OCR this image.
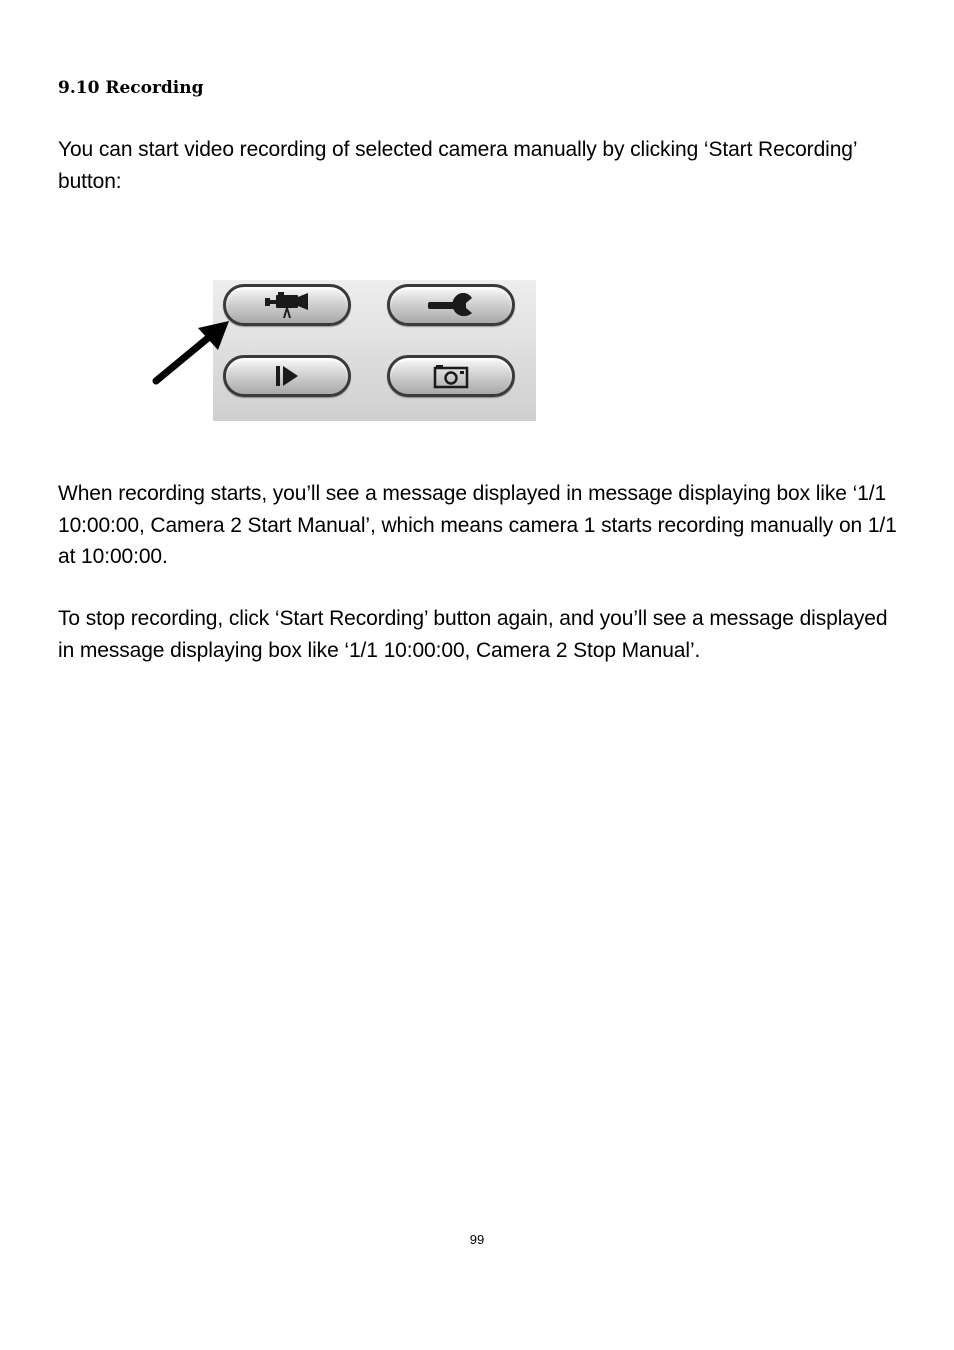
9.10 Recording

You can start video recording of selected camera manually by clicking ‘Start Recording’ button:

When recording starts, you’ll see a message displayed in message displaying box like ‘1/1 10:00:00, Camera 2 Start Manual’, which means camera 1 starts recording manually on 1/1 at 10:00:00.

To stop recording, click ‘Start Recording’ button again, and you’ll see a message displayed in message displaying box like ‘1/1 10:00:00, Camera 2 Stop Manual’.

99
